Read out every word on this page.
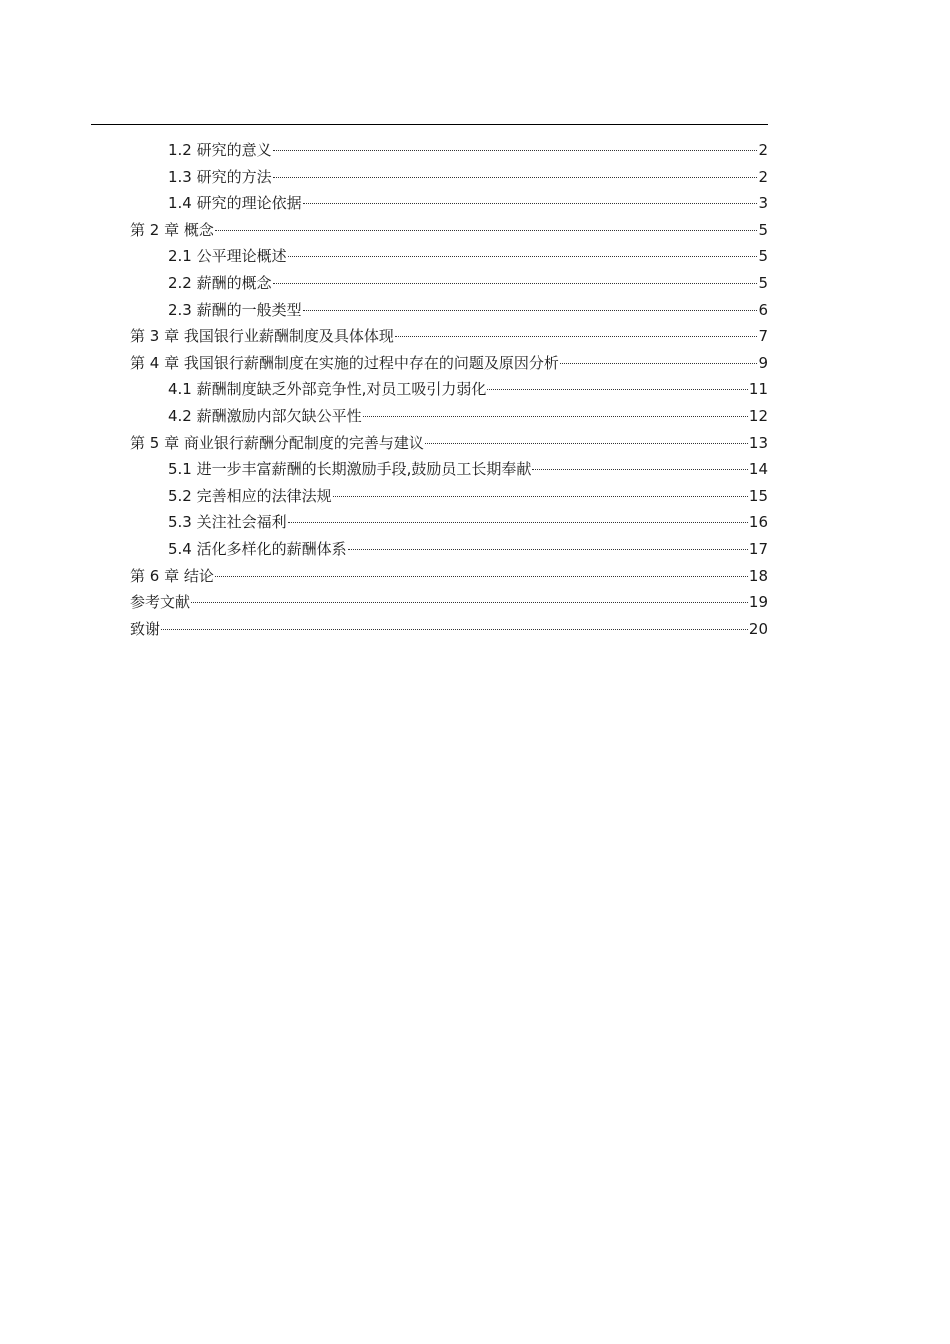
1.2 研究的意义	2
1.3 研究的方法	2
1.4 研究的理论依据	3
第 2 章 概念	5
2.1 公平理论概述	5
2.2 薪酬的概念	5
2.3 薪酬的一般类型	6
第 3 章 我国银行业薪酬制度及具体体现	7
第 4 章 我国银行薪酬制度在实施的过程中存在的问题及原因分析	9
4.1 薪酬制度缺乏外部竞争性,对员工吸引力弱化	11
4.2 薪酬激励内部欠缺公平性	12
第 5 章 商业银行薪酬分配制度的完善与建议	13
5.1 进一步丰富薪酬的长期激励手段,鼓励员工长期奉献	14
5.2 完善相应的法律法规	15
5.3 关注社会福利	16
5.4 活化多样化的薪酬体系	17
第 6 章 结论	18
参考文献	19
致谢	20
